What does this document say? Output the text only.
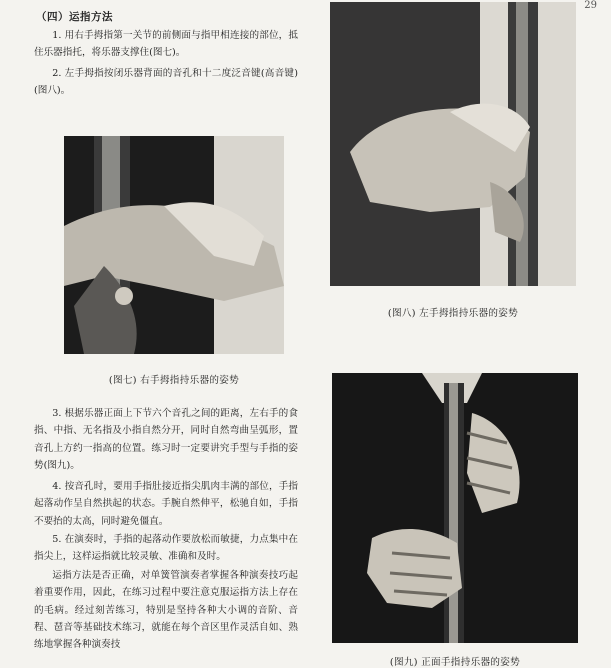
29
（四）运指方法

1. 用右手拇指第一关节的前侧面与指甲相连接的部位，抵住乐器指托，将乐器支撑住(图七)。

2. 左手拇指按闭乐器背面的音孔和十二度泛音键(高音键)(图八)。

(图七) 右手拇指持乐器的姿势

3. 根据乐器正面上下节六个音孔之间的距离，左右手的食指、中指、无名指及小指自然分开，同时自然弯曲呈弧形，置音孔上方约一指高的位置。练习时一定要讲究手型与手指的姿势(图九)。

4. 按音孔时，要用手指肚接近指尖肌肉丰满的部位，手指起落动作呈自然拱起的状态。手腕自然伸平，松驰自如，手指不要抬的太高，同时避免僵直。

5. 在演奏时，手指的起落动作要放松而敏捷，力点集中在指尖上，这样运指就比较灵敏、准确和及时。

运指方法是否正确，对单簧管演奏者掌握各种演奏技巧起着重要作用，因此，在练习过程中要注意克服运指方法上存在的毛病。经过刻苦练习，特别是坚持各种大小调的音阶、音程、琶音等基础技术练习，就能在每个音区里作灵活自如、熟练地掌握各种演奏技

(图八) 左手拇指持乐器的姿势
(图九) 正面手指持乐器的姿势
